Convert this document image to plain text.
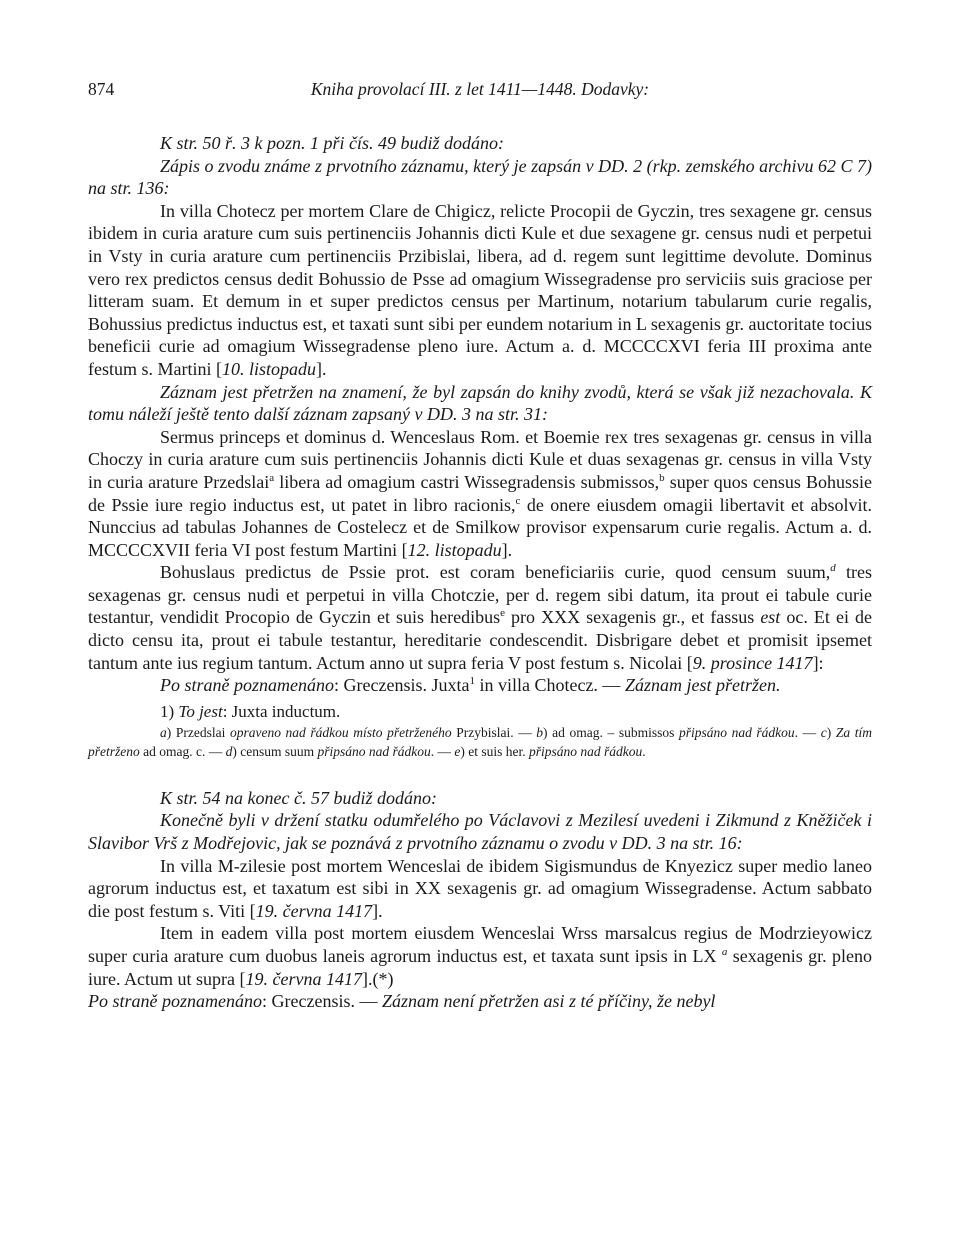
874	Kniha provolací III. z let 1411—1448. Dodavky:

K str. 50 ř. 3 k pozn. 1 při čís. 49 budiž dodáno:

Zápis o zvodu známe z prvotního záznamu, který je zapsán v DD. 2 (rkp. zemského archivu 62 C 7) na str. 136:

In villa Chotecz per mortem Clare de Chigicz, relicte Procopii de Gyczin, tres sexagene gr. census ibidem in curia arature cum suis pertinenciis Johannis dicti Kule et due sexagene gr. census nudi et perpetui in Vsty in curia arature cum pertinenciis Przibislai, libera, ad d. regem sunt legittime devolute. Dominus vero rex predictos census dedit Bohussio de Psse ad omagium Wissegradense pro serviciis suis graciose per litteram suam. Et demum in et super predictos census per Martinum, notarium tabularum curie regalis, Bohussius predictus inductus est, et taxati sunt sibi per eundem notarium in L sexagenis gr. auctoritate tocius beneficii curie ad omagium Wissegradense pleno iure. Actum a. d. MCCCCXVI feria III proxima ante festum s. Martini [10. listopadu].

Záznam jest přetržen na znamení, že byl zapsán do knihy zvodů, která se však již nezachovala. K tomu náleží ještě tento další záznam zapsaný v DD. 3 na str. 31:

Sermus princeps et dominus d. Wenceslaus Rom. et Boemie rex tres sexagenas gr. census in villa Choczy in curia arature cum suis pertinenciis Johannis dicti Kule et duas sexagenas gr. census in villa Vsty in curia arature Przedslai$^a$ libera ad omagium castri Wissegradensis submissos,$^b$ super quos census Bohussie de Pssie iure regio inductus est, ut patet in libro racionis,$^c$ de onere eiusdem omagii libertavit et absolvit. Nunccius ad tabulas Johannes de Costelecz et de Smilkow provisor expensarum curie regalis. Actum a. d. MCCCCXVII feria VI post festum Martini [12. listopadu].

Bohuslaus predictus de Pssie prot. est coram beneficiariis curie, quod censum suum,$^d$ tres sexagenas gr. census nudi et perpetui in villa Chotczie, per d. regem sibi datum, ita prout ei tabule curie testantur, vendidit Procopio de Gyczin et suis heredibus$^e$ pro XXX sexagenis gr., et fassus est oc. Et ei de dicto censu ita, prout ei tabule testantur, hereditarie condescendit. Disbrigare debet et promisit ipsemet tantum ante ius regium tantum. Actum anno ut supra feria V post festum s. Nicolai [9. prosince 1417]:

Po straně poznamenáno: Greczensis. Juxta$^1$ in villa Chotecz. — Záznam jest přetržen.

1) To jest: Juxta inductum.

a) Przedslai opraveno nad řádkou místo přetrženého Przybislai. — b) ad omag. – submissos připsáno nad řádkou. — c) Za tím přetrženo ad omag. c. — d) censum suum připsáno nad řádkou. — e) et suis her. připsáno nad řádkou.

K str. 54 na konec č. 57 budiž dodáno:

Konečně byli v držení statku odumřelého po Václavovi z Mezilesí uvedeni i Zikmund z Kněžiček i Slavibor Vrš z Modřejovic, jak se poznává z prvotního záznamu o zvodu v DD. 3 na str. 16:

In villa M-zilesie post mortem Wenceslai de ibidem Sigismundus de Knyezicz super medio laneo agrorum inductus est, et taxatum est sibi in XX sexagenis gr. ad omagium Wissegradense. Actum sabbato die post festum s. Viti [19. června 1417].

Item in eadem villa post mortem eiusdem Wenceslai Wrss marsalcus regius de Modrzieyowicz super curia arature cum duobus laneis agrorum inductus est, et taxata sunt ipsis in LX $^a$ sexagenis gr. pleno iure. Actum ut supra [19. června 1417].(*)

Po straně poznamenáno: Greczensis. — Záznam není přetržen asi z té příčiny, že nebyl
